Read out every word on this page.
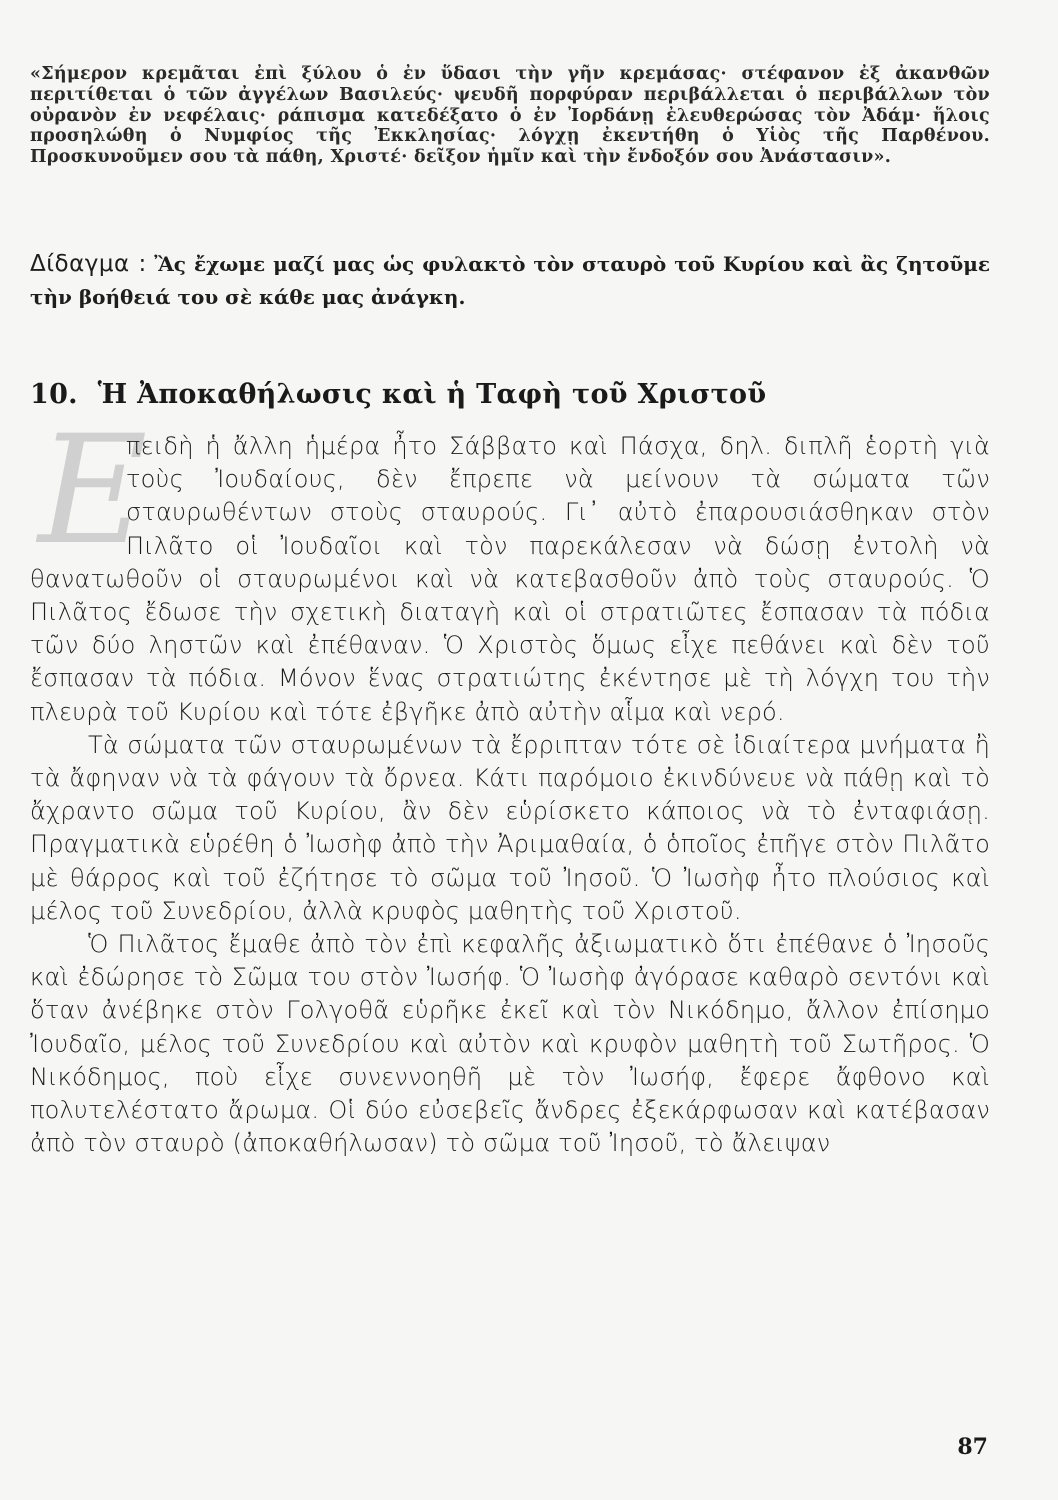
«Σήμερον κρεμᾶται ἐπὶ ξύλου ὁ ἐν ὕδασι τὴν γῆν κρεμάσας· στέφανον ἐξ ἀκανθῶν περιτίθεται ὁ τῶν ἀγγέλων Βασιλεύς· ψευδῆ πορφύραν περιβάλλεται ὁ περιβάλλων τὸν οὐρανὸν ἐν νεφέλαις· ράπισμα κατεδέξατο ὁ ἐν Ἰορδάνῃ ἐλευθερώσας τὸν Ἀδάμ· ἥλοις προσηλώθη ὁ Νυμφίος τῆς Ἐκκλησίας· λόγχῃ ἐκεντήθη ὁ Υἱὸς τῆς Παρθένου. Προσκυνοῦμεν σου τὰ πάθη, Χριστέ· δεῖξον ἡμῖν καὶ τὴν ἔνδοξόν σου Ἀνάστασιν».
Δίδαγμα : Ἂς ἔχωμε μαζί μας ὡς φυλακτὸ τὸν σταυρὸ τοῦ Κυρίου καὶ ἂς ζητοῦμε τὴν βοήθειά του σὲ κάθε μας ἀνάγκη.
10. Ἡ Ἀποκαθήλωσις καὶ ἡ Ταφὴ τοῦ Χριστοῦ

Ε
πειδὴ ἡ ἄλλη ἡμέρα ἦτο Σάββατο καὶ Πάσχα, δηλ. διπλῆ ἑορτὴ γιὰ τοὺς Ἰουδαίους, δὲν ἔπρεπε νὰ μείνουν τὰ σώματα τῶν σταυρωθέντων στοὺς σταυρούς. Γι᾽ αὐτὸ ἐπαρουσιάσθηκαν στὸν Πιλᾶτο οἱ Ἰουδαῖοι καὶ τὸν παρεκάλεσαν νὰ δώσῃ ἐντολὴ νὰ θανατωθοῦν οἱ σταυρωμένοι καὶ νὰ κατεβασθοῦν ἀπὸ τοὺς σταυρούς. Ὁ Πιλᾶτος ἔδωσε τὴν σχετικὴ διαταγὴ καὶ οἱ στρατιῶτες ἔσπασαν τὰ πόδια τῶν δύο ληστῶν καὶ ἐπέθαναν. Ὁ Χριστὸς ὅμως εἶχε πεθάνει καὶ δὲν τοῦ ἔσπασαν τὰ πόδια. Μόνον ἕνας στρατιώτης ἐκέντησε μὲ τὴ λόγχη του τὴν πλευρὰ τοῦ Κυρίου καὶ τότε ἐβγῆκε ἀπὸ αὐτὴν αἷμα καὶ νερό.

Τὰ σώματα τῶν σταυρωμένων τὰ ἔρριπταν τότε σὲ ἰδιαίτερα μνήματα ἢ τὰ ἄφηναν νὰ τὰ φάγουν τὰ ὄρνεα. Κάτι παρόμοιο ἐκινδύνευε νὰ πάθῃ καὶ τὸ ἄχραντο σῶμα τοῦ Κυρίου, ἂν δὲν εὑρίσκετο κάποιος νὰ τὸ ἐνταφιάσῃ. Πραγματικὰ εὑρέθη ὁ Ἰωσὴφ ἀπὸ τὴν Ἀριμαθαία, ὁ ὁποῖος ἐπῆγε στὸν Πιλᾶτο μὲ θάρρος καὶ τοῦ ἐζήτησε τὸ σῶμα τοῦ Ἰησοῦ. Ὁ Ἰωσὴφ ἦτο πλούσιος καὶ μέλος τοῦ Συνεδρίου, ἀλλὰ κρυφὸς μαθητὴς τοῦ Χριστοῦ.

Ὁ Πιλᾶτος ἔμαθε ἀπὸ τὸν ἐπὶ κεφαλῆς ἀξιωματικὸ ὅτι ἐπέθανε ὁ Ἰησοῦς καὶ ἐδώρησε τὸ Σῶμα του στὸν Ἰωσήφ. Ὁ Ἰωσὴφ ἀγόρασε καθαρὸ σεντόνι καὶ ὅταν ἀνέβηκε στὸν Γολγοθᾶ εὑρῆκε ἐκεῖ καὶ τὸν Νικόδημο, ἄλλον ἐπίσημο Ἰουδαῖο, μέλος τοῦ Συνεδρίου καὶ αὐτὸν καὶ κρυφὸν μαθητὴ τοῦ Σωτῆρος. Ὁ Νικόδημος, ποὺ εἶχε συνεννοηθῆ μὲ τὸν Ἰωσήφ, ἔφερε ἄφθονο καὶ πολυτελέστατο ἄρωμα. Οἱ δύο εὐσεβεῖς ἄνδρες ἐξεκάρφωσαν καὶ κατέβασαν ἀπὸ τὸν σταυρὸ (ἀποκαθήλωσαν) τὸ σῶμα τοῦ Ἰησοῦ, τὸ ἄλειψαν

87
